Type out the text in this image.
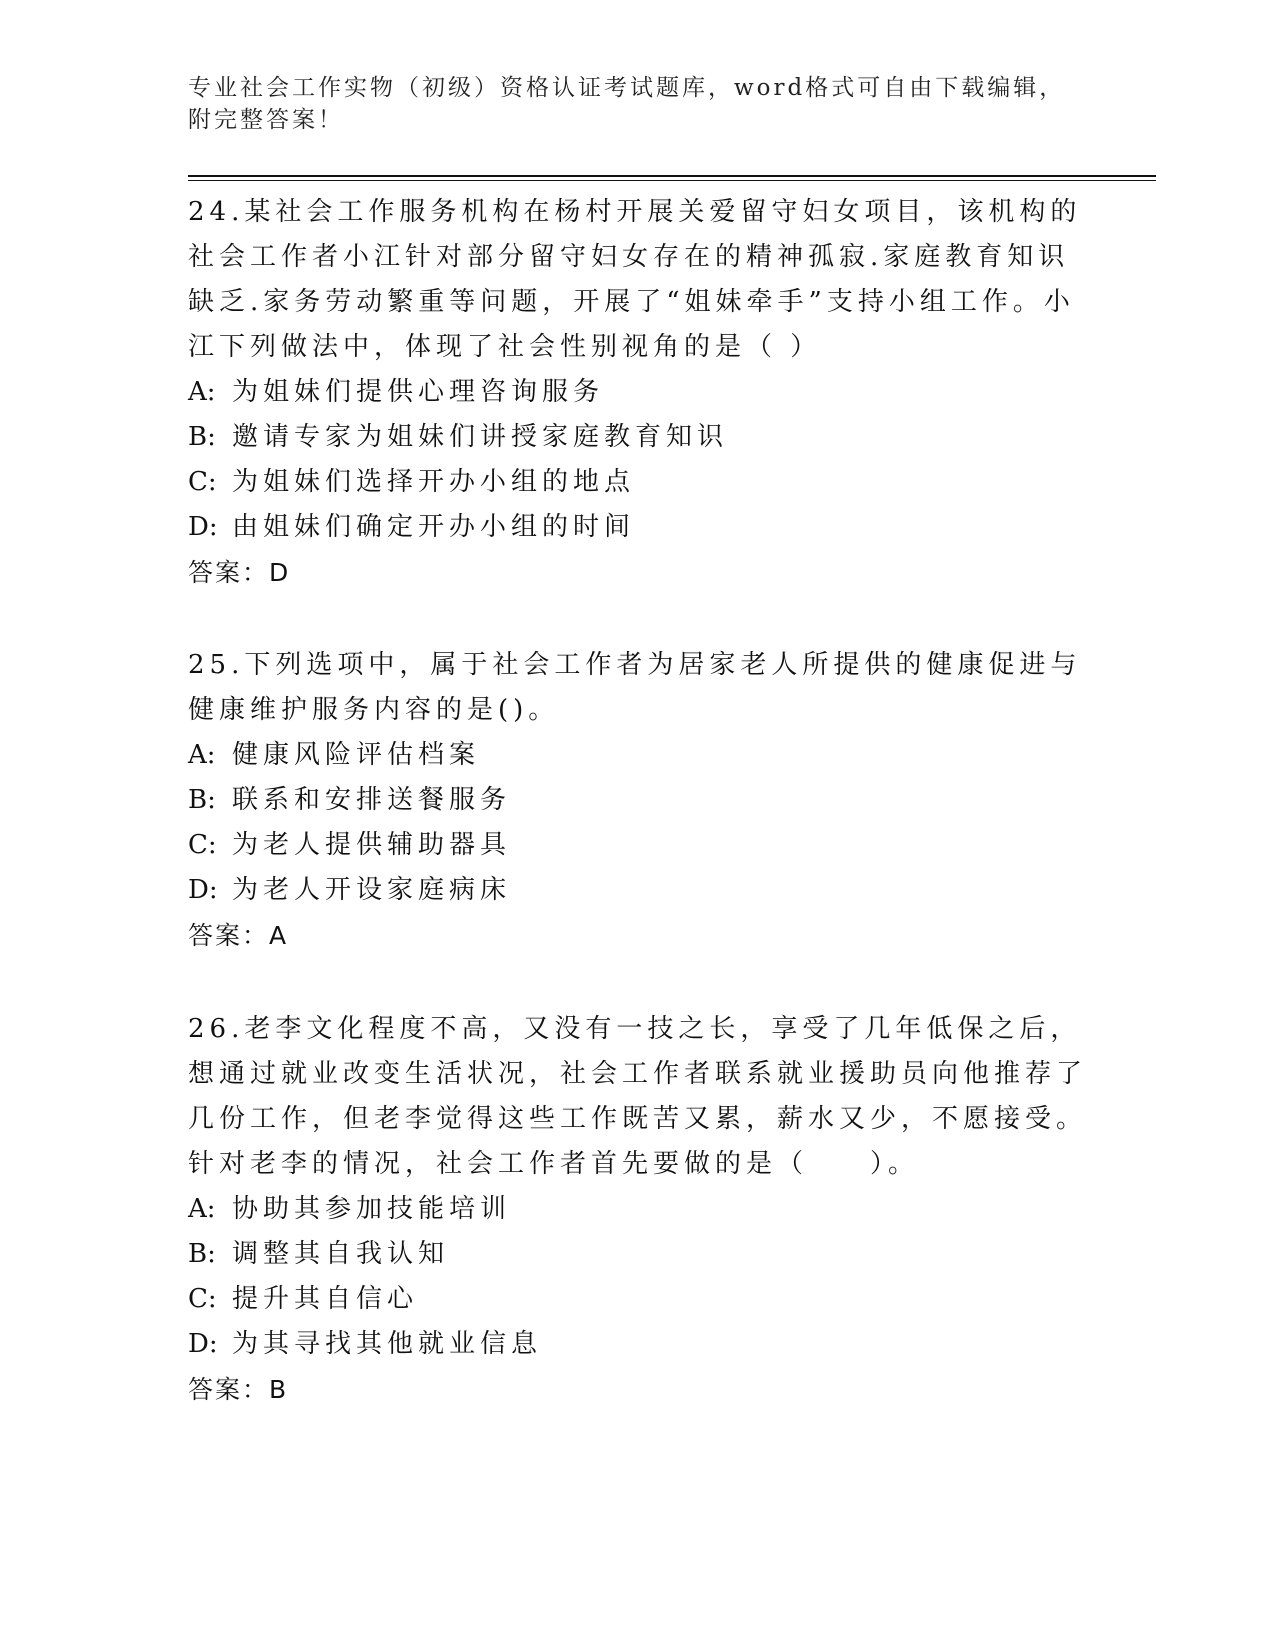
专业社会工作实物（初级）资格认证考试题库，word格式可自由下载编辑，附完整答案！

24.某社会工作服务机构在杨村开展关爱留守妇女项目，该机构的社会工作者小江针对部分留守妇女存在的精神孤寂.家庭教育知识缺乏.家务劳动繁重等问题，开展了“姐妹牵手”支持小组工作。小江下列做法中，体现了社会性别视角的是（ ）

A: 为姐妹们提供心理咨询服务

B: 邀请专家为姐妹们讲授家庭教育知识

C: 为姐妹们选择开办小组的地点

D: 由姐妹们确定开办小组的时间

答案：D

25.下列选项中，属于社会工作者为居家老人所提供的健康促进与健康维护服务内容的是()。

A: 健康风险评估档案

B: 联系和安排送餐服务

C: 为老人提供辅助器具

D: 为老人开设家庭病床

答案：A

26.老李文化程度不高，又没有一技之长，享受了几年低保之后，想通过就业改变生活状况，社会工作者联系就业援助员向他推荐了几份工作，但老李觉得这些工作既苦又累，薪水又少，不愿接受。针对老李的情况，社会工作者首先要做的是（　　）。

A: 协助其参加技能培训

B: 调整其自我认知

C: 提升其自信心

D: 为其寻找其他就业信息

答案：B
